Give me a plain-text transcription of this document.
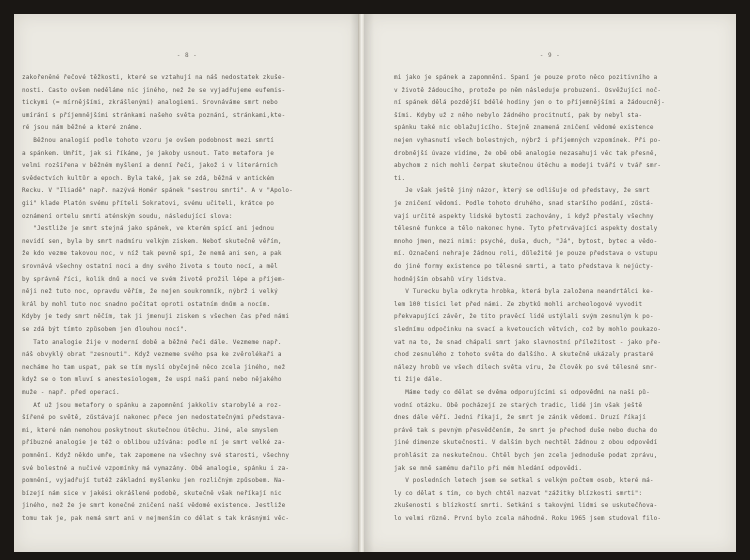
- 8 -
zakořeněné řečové těžkosti, které se vztahují na náš nedostatek zkuše-
nosti. Často ovšem neděláme nic jiného, než že se vyjadřujeme eufemis-
tickymi (= mírnějšími, zkrášlenými) analogiemi. Srovnáváme smrt nebo
umírání s příjemnějšími stránkami našeho světa poznání, stránkami,kte-
ré jsou nám běžné a které známe.
Běžnou analogií podle tohoto vzoru je ovšem podobnost mezi smrtí
a spánkem. Umřít, jak si říkáme, je jakoby usnout. Tato metafora je
velmi rozšířena v běžném myšlení a denní řeči, jakož i v literárních
svědectvích kultůr a epoch. Byla také, jak se zdá, běžná v antickém
Řecku. V "Iliadě" např. nazývá Homér spánek "sestrou smrti". A v "Apolo-
gii" klade Platón svému příteli Sokratovi, svému učiteli, krátce po
oznámení ortelu smrti aténským soudu, následující slova:
"Jestliže je smrt stejná jako spánek, ve kterém spící ani jednou
nevidí sen, byla by smrt nadmíru velkým ziskem. Neboť skutečně věřím,
že kdo vezme takovou noc, v níž tak pevně spí, že nemá ani sen, a pak
srovnává všechny ostatní noci a dny svého života s touto nocí, a měl
by správně říci, kolik dnů a nocí ve svém životě prožil lépe a příjem-
něji než tuto noc, opravdu věřím, že nejen soukromník, nýbrž i velký
král by mohl tuto noc snadno počítat oproti ostatním dnům a nocím.
Kdyby je tedy smrt něčím, tak ji jmenuji ziskem s všechen čas před námi
se zdá být tímto způsobem jen dlouhou nocí".
Tato analogie žije v moderní době a běžné řeči dále. Vezmeme např.
náš obvyklý obrat "zesnouti". Když vezmeme svého psa ke zvěrolékaři a
necháme ho tam uspat, pak se tím myslí obyčejně něco zcela jiného, než
když se o tom mluví s anestesiologem, že uspí naši paní nebo nějakého
muže - např. před operací.
Ať už jsou metafory o spánku a zapomnění jakkoliv starobylé a roz-
šířené po světě, zůstávají nakonec přece jen nedostatečnými představa-
mi, které nám nemohou poskytnout skutečnou útěchu. Jiné, ale smyslem
příbuzné analogie je též o oblibou užívána: podle ní je smrt velké za-
pomnění. Když někdo umře, tak zapomene na všechny své starosti, všechny
své bolestné a nučivé vzpomínky má vymazány. Obě analogie, spánku i za-
pomnění, vyjadřují tutéž základní myšlenku jen rozličným způsobem. Na-
bízejí nám sice v jakési okrášlené podobě, skutečně však neříkají nic
jiného, než že je smrt konečné zničení naší vědomé existence. Jestliže
tomu tak je, pak nemá smrt ani v nejmenším co dělat s tak krásnými věc-
- 9 -
mi jako je spánek a zapomnění. Spaní je pouze proto něco pozitivního a
v životě žádoucího, protože po něm následuje probuzení. Osvěžující noč-
ní spánek dělá pozdější bdělé hodiny jen o to příjemnějšími a žádoucněj-
šími. Kdyby už z něho nebylo žádného procitnutí, pak by nebyl sta-
spánku také nic oblažujícího. Stejně znamená zničení vědomé existence
nejen vyhasnutí všech bolestných, nýbrž i příjemných vzpomínek. Při po-
drobnější úvaze vidíme, že obě obě analogie nezasahují věc tak přesně,
abychom z nich mohli čerpat skutečnou útěchu a modeji tváří v tvář smr-
ti.
Je však ještě jiný názor, který se odlišuje od představy, že smrt
je zničení vědomí. Podle tohoto druhého, snad staršího podání, zůstá-
vají určité aspekty lidské bytosti zachovány, i když přestaly všechny
tělesné funkce a tělo nakonec hyne. Tyto přetrvávající aspekty dostaly
mnoho jmen, mezi nimi: psyché, duša, duch, "Já", bytost, bytec a vědo-
mí. Označení nehraje žádnou roli, důležité je pouze představa o vstupu
do jiné formy existence po tělesné smrti, a tato představa k nejúcty-
hodnějším obsahů víry lidstva.
V Turecku byla odkryta hrobka, která byla založena neandrtálci ke-
lem 100 tisíci let před námi. Ze zbytků mohli archeologové vyvodit
překvapující závěr, že tito pravěcí lidé ustýlali svým zesnulým k po-
slednímu odpočinku na svací a kvetoucích větvích, což by mohlo poukazo-
vat na to, že snad chápali smrt jako slavnostní příležitost - jako pře-
chod zesnulého z tohoto světa do dalšího. A skutečně ukázaly prastaré
nálezy hrobů ve všech dílech světa víru, že člověk po své tělesné smr-
ti žije dále.
Máme tedy co dělat se dvěma odporujícími si odpověďmi na naši pů-
vodní otázku. Obě pocházejí ze starých tradic, lidé jím však ještě
dnes dále věří. Jedni říkají, že smrt je zánik vědomí. Druzí říkají
právě tak s pevným přesvědčením, že smrt je přechod duše nebo ducha do
jiné dimenze skutečnosti. V dalším bych nechtěl žádnou z obou odpovědí
prohlásit za neskutečnou. Chtěl bych jen zcela jednoduše podat zprávu,
jak se mně samému dařilo při mém hledání odpovědi.
V posledních letech jsem se setkal s velkým počtem osob, které má-
ly co dělat s tím, co bych chtěl nazvat "zážitky blízkosti smrti":
zkušenosti s blízkostí smrti. Setkání s takovými lidmi se uskutečňova-
lo velmi různě. První bylo zcela náhodné. Roku 1965 jsem studoval filo-
